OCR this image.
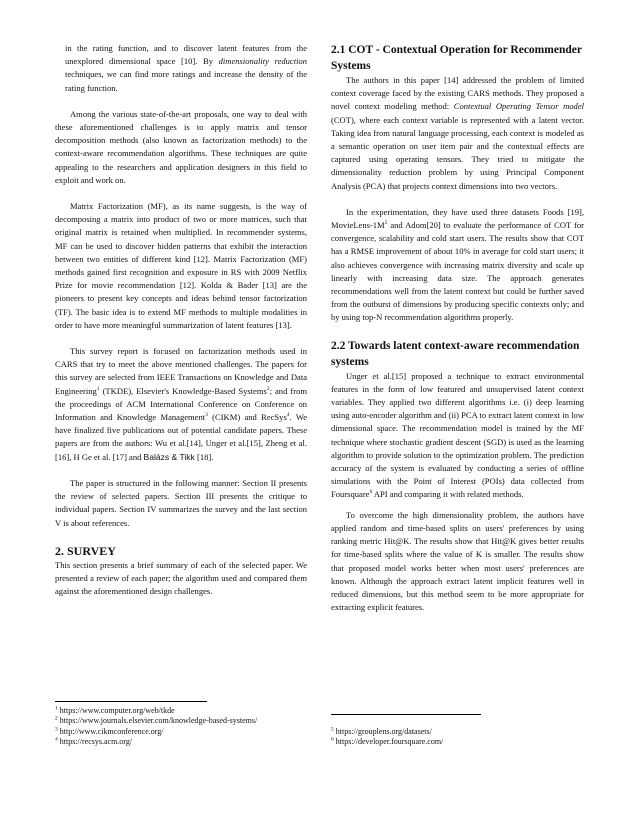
in the rating function, and to discover latent features from the unexplored dimensional space [10]. By dimensionality reduction techniques, we can find more ratings and increase the density of the rating function.

Among the various state-of-the-art proposals, one way to deal with these aforementioned challenges is to apply matrix and tensor decomposition methods (also known as factorization methods) to the context-aware recommendation algorithms. These techniques are quite appealing to the researchers and application designers in this field to exploit and work on.

Matrix Factorization (MF), as its name suggests, is the way of decomposing a matrix into product of two or more matrices, such that original matrix is retained when multiplied. In recommender systems, MF can be used to discover hidden patterns that exhibit the interaction between two entities of different kind [12]. Matrix Factorization (MF) methods gained first recognition and exposure in RS with 2009 Netflix Prize for movie recommendation [12]. Kolda & Bader [13] are the pioneers to present key concepts and ideas behind tensor factorization (TF). The basic idea is to extend MF methods to multiple modalities in order to have more meaningful summarization of latent features [13].

This survey report is focused on factorization methods used in CARS that try to meet the above mentioned challenges. The papers for this survey are selected from IEEE Transactions on Knowledge and Data Engineering$^1$ (TKDE), Elsevier's Knowledge-Based Systems$^2$; and from the proceedings of ACM International Conference on Conference on Information and Knowledge Management$^3$ (CIKM) and RecSys$^4$. We have finalized five publications out of potential candidate papers. These papers are from the authors: Wu et al.[14], Unger et al.[15], Zheng et al.[16], H Ge et al. [17] and Balázs & Tikk [18].

The paper is structured in the following manner: Section II presents the review of selected papers. Section III presents the critique to individual papers. Section IV summarizes the survey and the last section V is about references.

2. SURVEY

This section presents a brief summary of each of the selected paper. We presented a review of each paper; the algorithm used and compared them against the aforementioned design challenges.

$^1$ https://www.computer.org/web/tkde
$^2$ https://www.journals.elsevier.com/knowledge-based-systems/
$^3$ http://www.cikmconference.org/
$^4$ https://recsys.acm.org/
2.1 COT - Contextual Operation for Recommender Systems

The authors in this paper [14] addressed the problem of limited context coverage faced by the existing CARS methods. They proposed a novel context modeling method: Contextual Operating Tensor model (COT), where each context variable is represented with a latent vector. Taking idea from natural language processing, each context is modeled as a semantic operation on user item pair and the contextual effects are captured using operating tensors. They tried to mitigate the dimensionality reduction problem by using Principal Component Analysis (PCA) that projects context dimensions into two vectors.

In the experimentation, they have used three datasets Foods [19], MovieLens-$1M^5$ and Adom[20] to evaluate the performance of COT for convergence, scalability and cold start users. The results show that COT has a RMSE improvement of about 10% in average for cold start users; it also achieves convergence with increasing matrix diversity and scale up linearly with increasing data size. The approach generates recommendations well from the latent context but could be further saved from the outburst of dimensions by producing specific contexts only; and by using top-N recommendation algorithms properly.

2.2 Towards latent context-aware recommendation systems

Unger et al.[15] proposed a technique to extract environmental features in the form of low featured and unsupervised latent context variables. They applied two different algorithms i.e. (i) deep learning using auto-encoder algorithm and (ii) PCA to extract latent context in low dimensional space. The recommendation model is trained by the MF technique where stochastic gradient descent (SGD) is used as the learning algorithm to provide solution to the optimization problem. The prediction accuracy of the system is evaluated by conducting a series of offline simulations with the Point of Interest (POIs) data collected from Foursquare$^6$ API and comparing it with related methods.

To overcome the high dimensionality problem, the authors have applied random and time-based splits on users' preferences by using ranking metric Hit@K. The results show that Hit@K gives better results for time-based splits where the value of K is smaller. The results show that proposed model works better when most users' preferences are known. Although the approach extract latent implicit features well in reduced dimensions, but this method seem to be more appropriate for extracting explicit features.

$^5$ https://grouplens.org/datasets/
$^6$ https://developer.foursquare.com/
